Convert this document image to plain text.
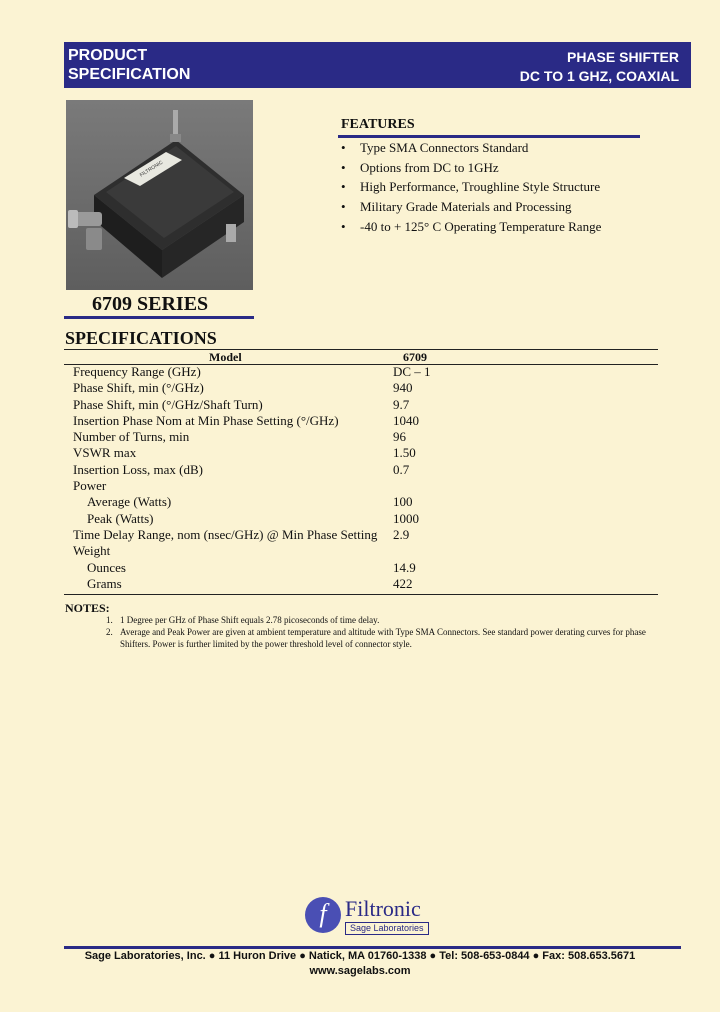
PRODUCT
SPECIFICATION
PHASE SHIFTER
DC TO 1 GHZ, COAXIAL
FILTRONIC
6709 SERIES
FEATURES
• Type SMA Connectors Standard
• Options from DC to 1GHz
• High Performance, Troughline Style Structure
• Military Grade Materials and Processing
• -40 to + 125° C Operating Temperature Range
SPECIFICATIONS
Model	6709
Frequency Range (GHz)	DC – 1
Phase Shift, min (°/GHz)	940
Phase Shift, min (°/GHz/Shaft Turn)	9.7
Insertion Phase Nom at Min Phase Setting (°/GHz)	1040
Number of Turns, min	96
VSWR max	1.50
Insertion Loss, max (dB)	0.7
Power
Average (Watts)	100
Peak (Watts)	1000
Time Delay Range, nom (nsec/GHz) @ Min Phase Setting 2.9
Weight
Ounces	14.9
Grams	422
NOTES:
1. 1 Degree per GHz of Phase Shift equals 2.78 picoseconds of time delay.
2. Average and Peak Power are given at ambient temperature and altitude with Type SMA Connectors. See standard power derating curves for phase Shifters. Power is further limited by the power threshold level of connector style.
f Filtronic
Sage Laboratories
Sage Laboratories, Inc. ● 11 Huron Drive ● Natick, MA 01760-1338 ● Tel: 508-653-0844 ● Fax: 508.653.5671
www.sagelabs.com
